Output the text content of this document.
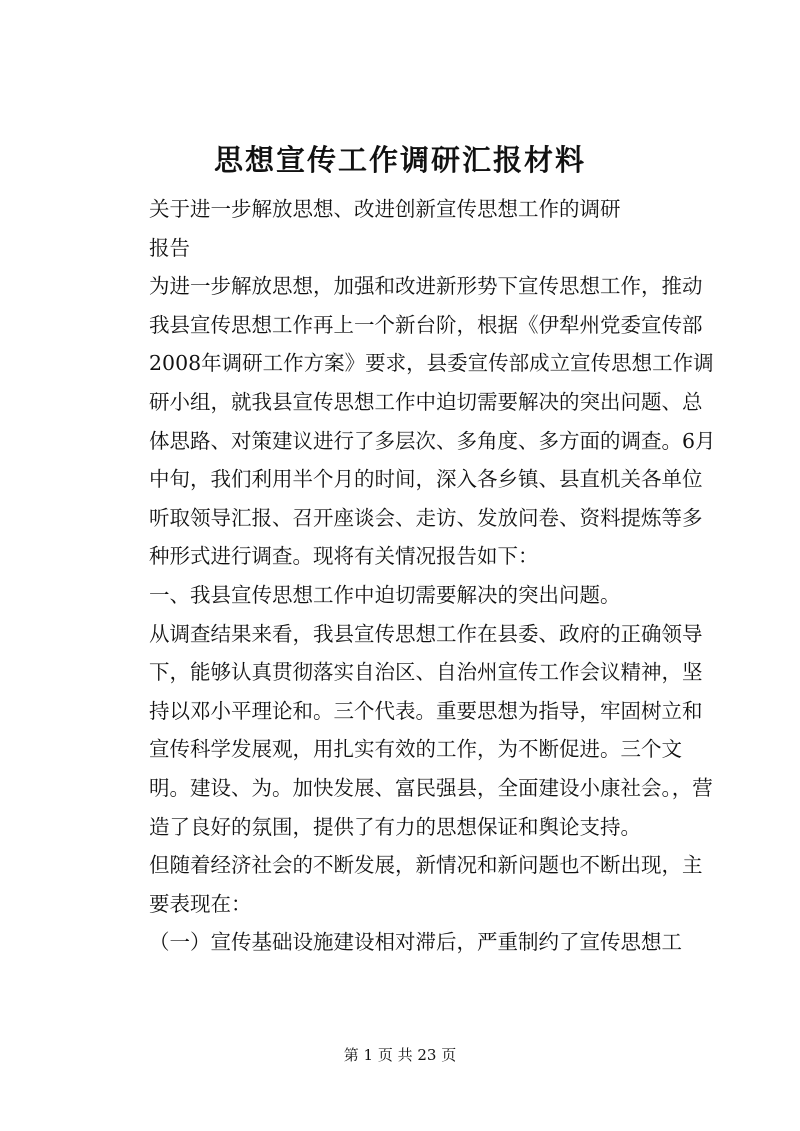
思想宣传工作调研汇报材料

关于进一步解放思想、改进创新宣传思想工作的调研

报告

为进一步解放思想，加强和改进新形势下宣传思想工作，推动我县宣传思想工作再上一个新台阶，根据《伊犁州党委宣传部2008年调研工作方案》要求，县委宣传部成立宣传思想工作调研小组，就我县宣传思想工作中迫切需要解决的突出问题、总体思路、对策建议进行了多层次、多角度、多方面的调查。6月中旬，我们利用半个月的时间，深入各乡镇、县直机关各单位听取领导汇报、召开座谈会、走访、发放问卷、资料提炼等多种形式进行调查。现将有关情况报告如下：

一、我县宣传思想工作中迫切需要解决的突出问题。

从调查结果来看，我县宣传思想工作在县委、政府的正确领导下，能够认真贯彻落实自治区、自治州宣传工作会议精神，坚持以邓小平理论和。三个代表。重要思想为指导，牢固树立和宣传科学发展观，用扎实有效的工作，为不断促进。三个文明。建设、为。加快发展、富民强县，全面建设小康社会。，营造了良好的氛围，提供了有力的思想保证和舆论支持。

但随着经济社会的不断发展，新情况和新问题也不断出现，主要表现在：

（一）宣传基础设施建设相对滞后，严重制约了宣传思想工

第 1 页 共 23 页
